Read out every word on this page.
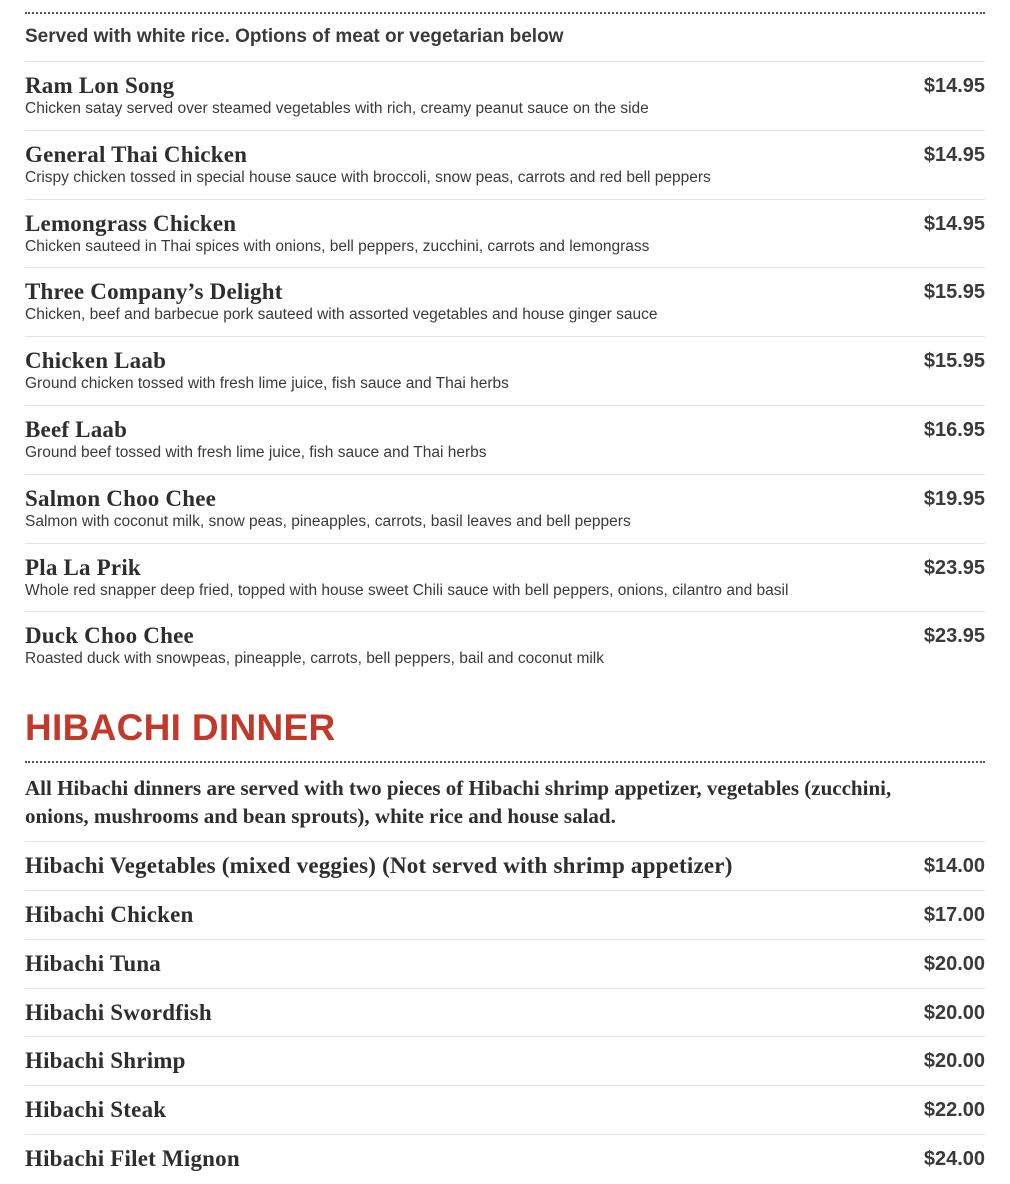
Served with white rice. Options of meat or vegetarian below
Ram Lon Song
Chicken satay served over steamed vegetables with rich, creamy peanut sauce on the side
$14.95
General Thai Chicken
Crispy chicken tossed in special house sauce with broccoli, snow peas, carrots and red bell peppers
$14.95
Lemongrass Chicken
Chicken sauteed in Thai spices with onions, bell peppers, zucchini, carrots and lemongrass
$14.95
Three Company’s Delight
Chicken, beef and barbecue pork sauteed with assorted vegetables and house ginger sauce
$15.95
Chicken Laab
Ground chicken tossed with fresh lime juice, fish sauce and Thai herbs
$15.95
Beef Laab
Ground beef tossed with fresh lime juice, fish sauce and Thai herbs
$16.95
Salmon Choo Chee
Salmon with coconut milk, snow peas, pineapples, carrots, basil leaves and bell peppers
$19.95
Pla La Prik
Whole red snapper deep fried, topped with house sweet Chili sauce with bell peppers, onions, cilantro and basil
$23.95
Duck Choo Chee
Roasted duck with snowpeas, pineapple, carrots, bell peppers, bail and coconut milk
$23.95
HIBACHI DINNER
All Hibachi dinners are served with two pieces of Hibachi shrimp appetizer, vegetables (zucchini, onions, mushrooms and bean sprouts), white rice and house salad.
Hibachi Vegetables (mixed veggies) (Not served with shrimp appetizer)	$14.00
Hibachi Chicken	$17.00
Hibachi Tuna	$20.00
Hibachi Swordfish	$20.00
Hibachi Shrimp	$20.00
Hibachi Steak	$22.00
Hibachi Filet Mignon	$24.00
